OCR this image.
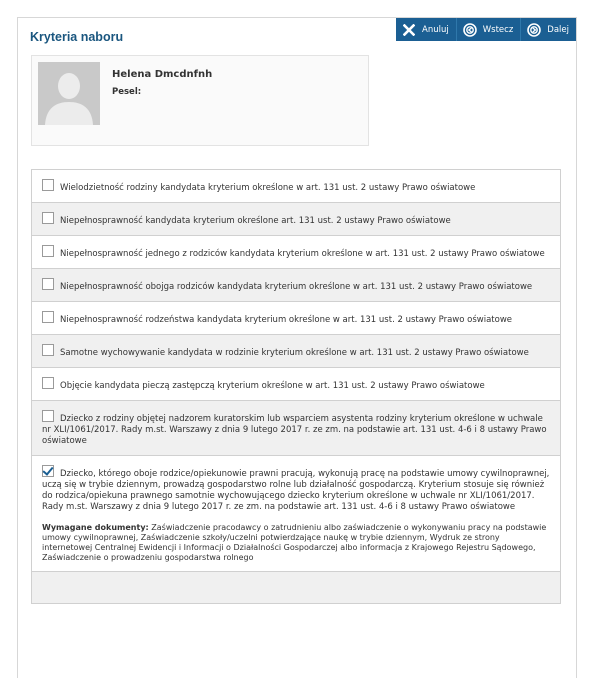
Kryteria naboru
Anuluj	Wstecz	Dalej
Helena Dmcdnfnh
Pesel:
Wielodzietność rodziny kandydata kryterium określone w art. 131 ust. 2 ustawy Prawo oświatowe
Niepełnosprawność kandydata kryterium określone art. 131 ust. 2 ustawy Prawo oświatowe
Niepełnosprawność jednego z rodziców kandydata kryterium określone w art. 131 ust. 2 ustawy Prawo oświatowe
Niepełnosprawność obojga rodziców kandydata kryterium określone w art. 131 ust. 2 ustawy Prawo oświatowe
Niepełnosprawność rodzeństwa kandydata kryterium określone w art. 131 ust. 2 ustawy Prawo oświatowe
Samotne wychowywanie kandydata w rodzinie kryterium określone w art. 131 ust. 2 ustawy Prawo oświatowe
Objęcie kandydata pieczą zastępczą kryterium określone w art. 131 ust. 2 ustawy Prawo oświatowe
Dziecko z rodziny objętej nadzorem kuratorskim lub wsparciem asystenta rodziny kryterium określone w uchwale nr XLI/1061/2017. Rady m.st. Warszawy z dnia 9 lutego 2017 r. ze zm. na podstawie art. 131 ust. 4-6 i 8 ustawy Prawo oświatowe
Dziecko, którego oboje rodzice/opiekunowie prawni pracują, wykonują pracę na podstawie umowy cywilnoprawnej, uczą się w trybie dziennym, prowadzą gospodarstwo rolne lub działalność gospodarczą. Kryterium stosuje się również do rodzica/opiekuna prawnego samotnie wychowującego dziecko kryterium określone w uchwale nr XLI/1061/2017. Rady m.st. Warszawy z dnia 9 lutego 2017 r. ze zm. na podstawie art. 131 ust. 4-6 i 8 ustawy Prawo oświatowe
Wymagane dokumenty: Zaświadczenie pracodawcy o zatrudnieniu albo zaświadczenie o wykonywaniu pracy na podstawie umowy cywilnoprawnej, Zaświadczenie szkoły/uczelni potwierdzające naukę w trybie dziennym, Wydruk ze strony internetowej Centralnej Ewidencji i Informacji o Działalności Gospodarczej albo informacja z Krajowego Rejestru Sądowego, Zaświadczenie o prowadzeniu gospodarstwa rolnego
